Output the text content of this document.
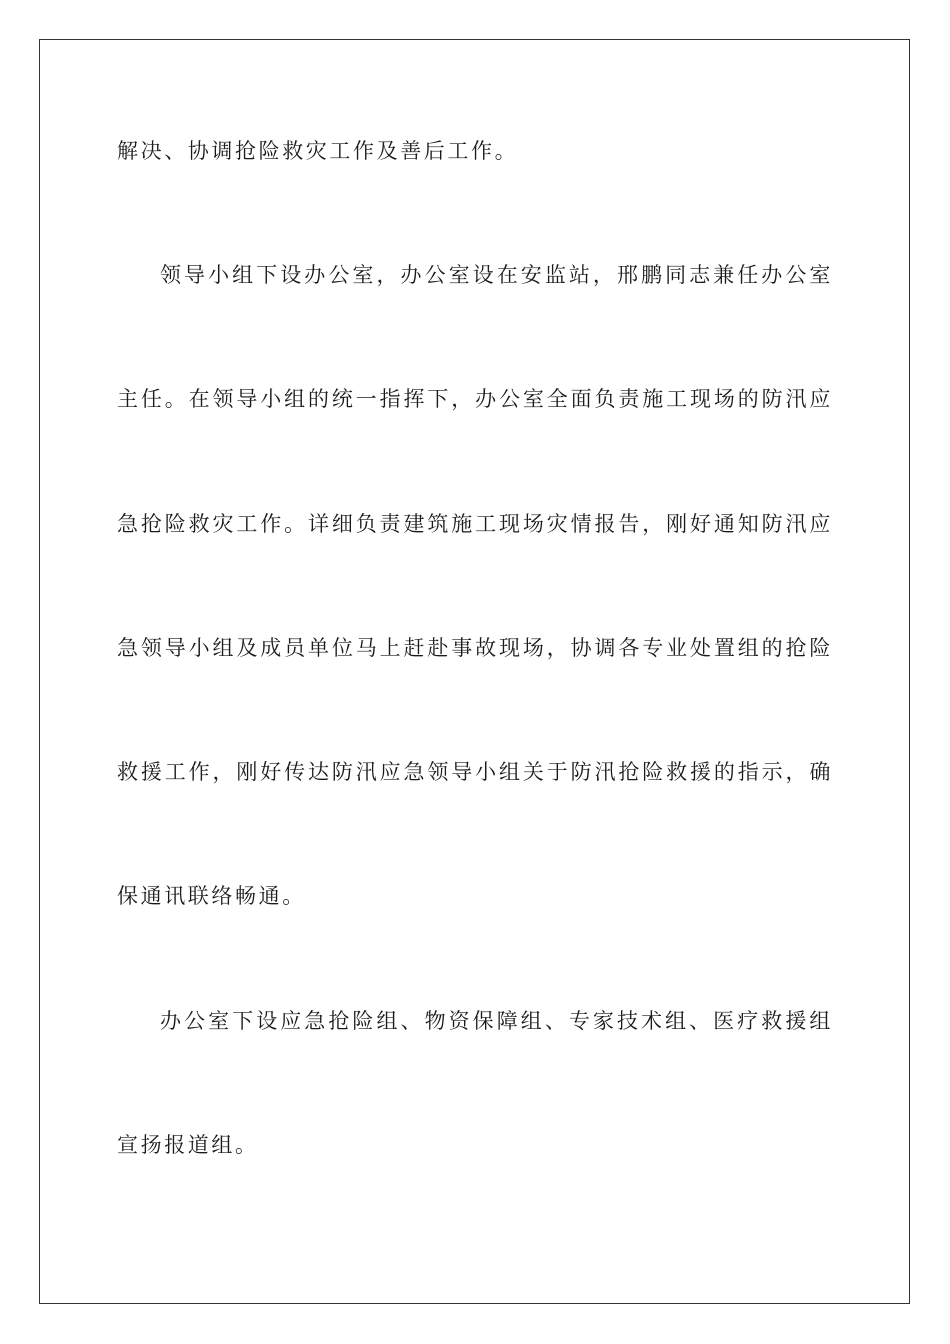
解决、协调抢险救灾工作及善后工作。
领导小组下设办公室，办公室设在安监站，邢鹏同志兼任办公室
主任。在领导小组的统一指挥下，办公室全面负责施工现场的防汛应
急抢险救灾工作。详细负责建筑施工现场灾情报告，刚好通知防汛应
急领导小组及成员单位马上赶赴事故现场，协调各专业处置组的抢险
救援工作，刚好传达防汛应急领导小组关于防汛抢险救援的指示，确
保通讯联络畅通。
办公室下设应急抢险组、物资保障组、专家技术组、医疗救援组
宣扬报道组。
